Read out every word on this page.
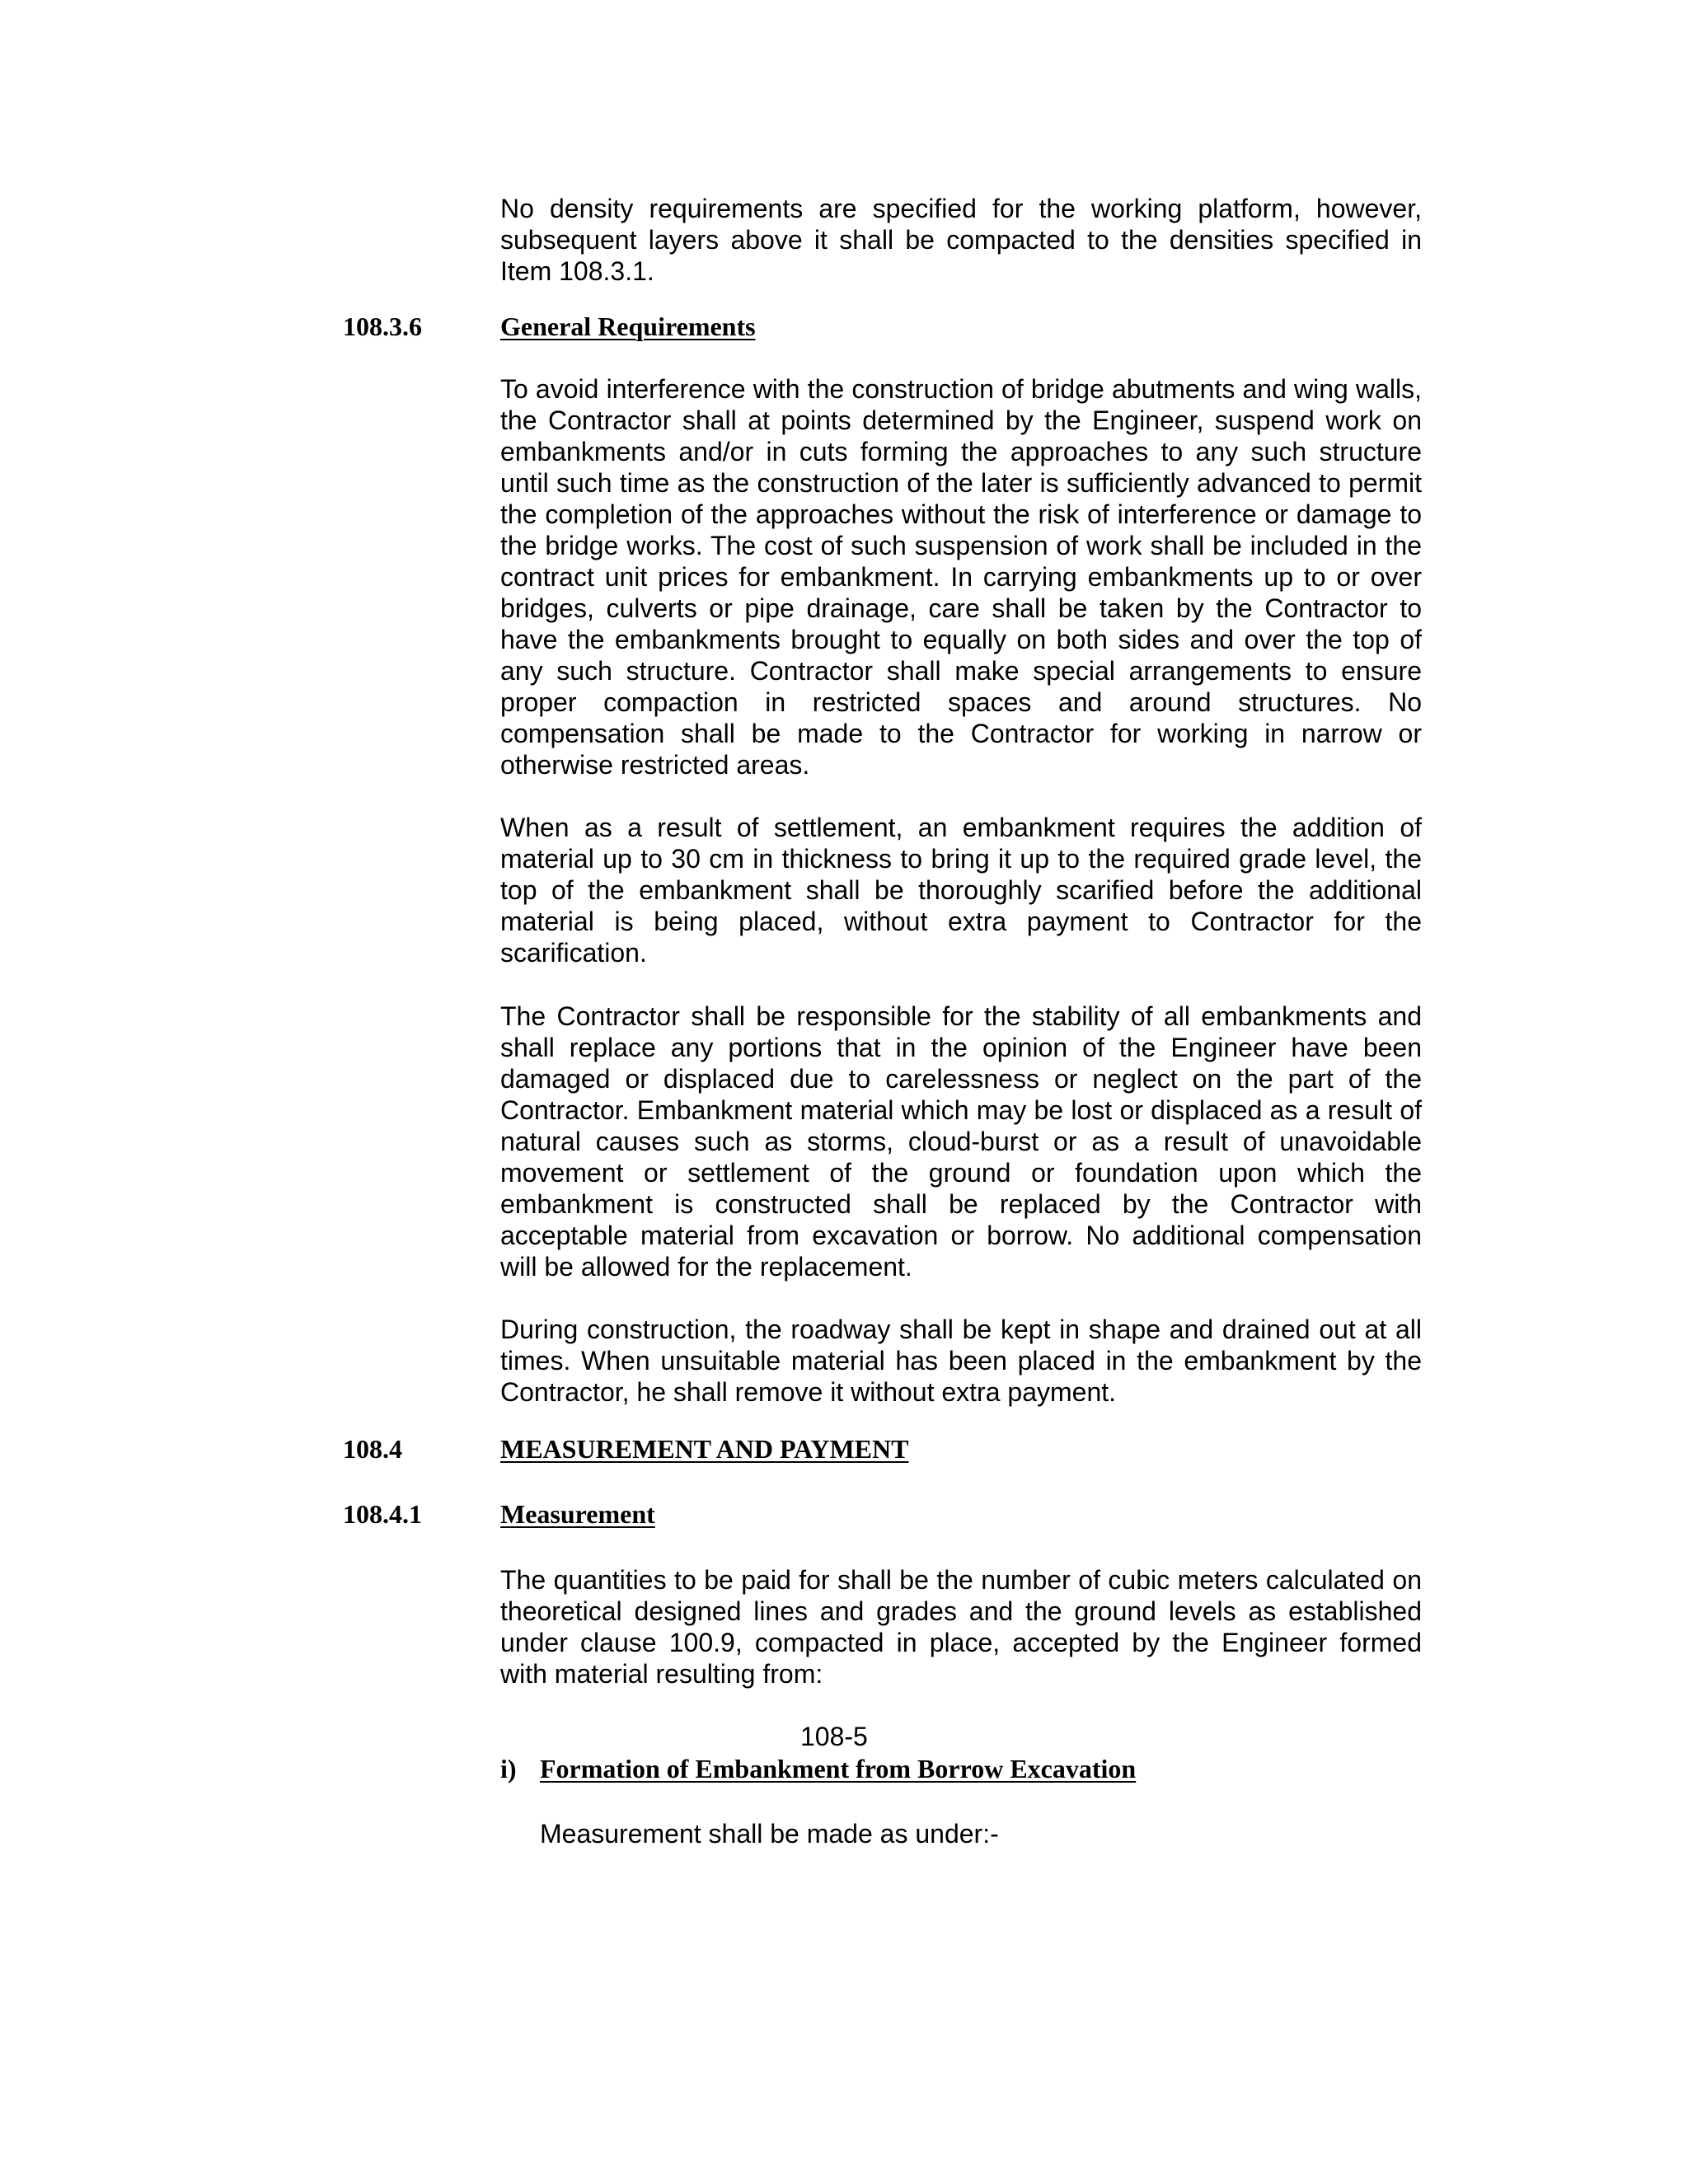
No density requirements are specified for the working platform, however, subsequent layers above it shall be compacted to the densities specified in Item 108.3.1.

108.3.6	General Requirements

To avoid interference with the construction of bridge abutments and wing walls, the Contractor shall at points determined by the Engineer, suspend work on embankments and/or in cuts forming the approaches to any such structure until such time as the construction of the later is sufficiently advanced to permit the completion of the approaches without the risk of interference or damage to the bridge works. The cost of such suspension of work shall be included in the contract unit prices for embankment. In carrying embankments up to or over bridges, culverts or pipe drainage, care shall be taken by the Contractor to have the embankments brought to equally on both sides and over the top of any such structure. Contractor shall make special arrangements to ensure proper compaction in restricted spaces and around structures. No compensation shall be made to the Contractor for working in narrow or otherwise restricted areas.

When as a result of settlement, an embankment requires the addition of material up to 30 cm in thickness to bring it up to the required grade level, the top of the embankment shall be thoroughly scarified before the additional material is being placed, without extra payment to Contractor for the scarification.

The Contractor shall be responsible for the stability of all embankments and shall replace any portions that in the opinion of the Engineer have been damaged or displaced due to carelessness or neglect on the part of the Contractor. Embankment material which may be lost or displaced as a result of natural causes such as storms, cloud-burst or as a result of unavoidable movement or settlement of the ground or foundation upon which the embankment is constructed shall be replaced by the Contractor with acceptable material from excavation or borrow. No additional compensation will be allowed for the replacement.

During construction, the roadway shall be kept in shape and drained out at all times. When unsuitable material has been placed in the embankment by the Contractor, he shall remove it without extra payment.

108.4	MEASUREMENT AND PAYMENT
108.4.1	Measurement

The quantities to be paid for shall be the number of cubic meters calculated on theoretical designed lines and grades and the ground levels as established under clause 100.9, compacted in place, accepted by the Engineer formed with material resulting from:

108-5
i) Formation of Embankment from Borrow Excavation
Measurement shall be made as under:-
